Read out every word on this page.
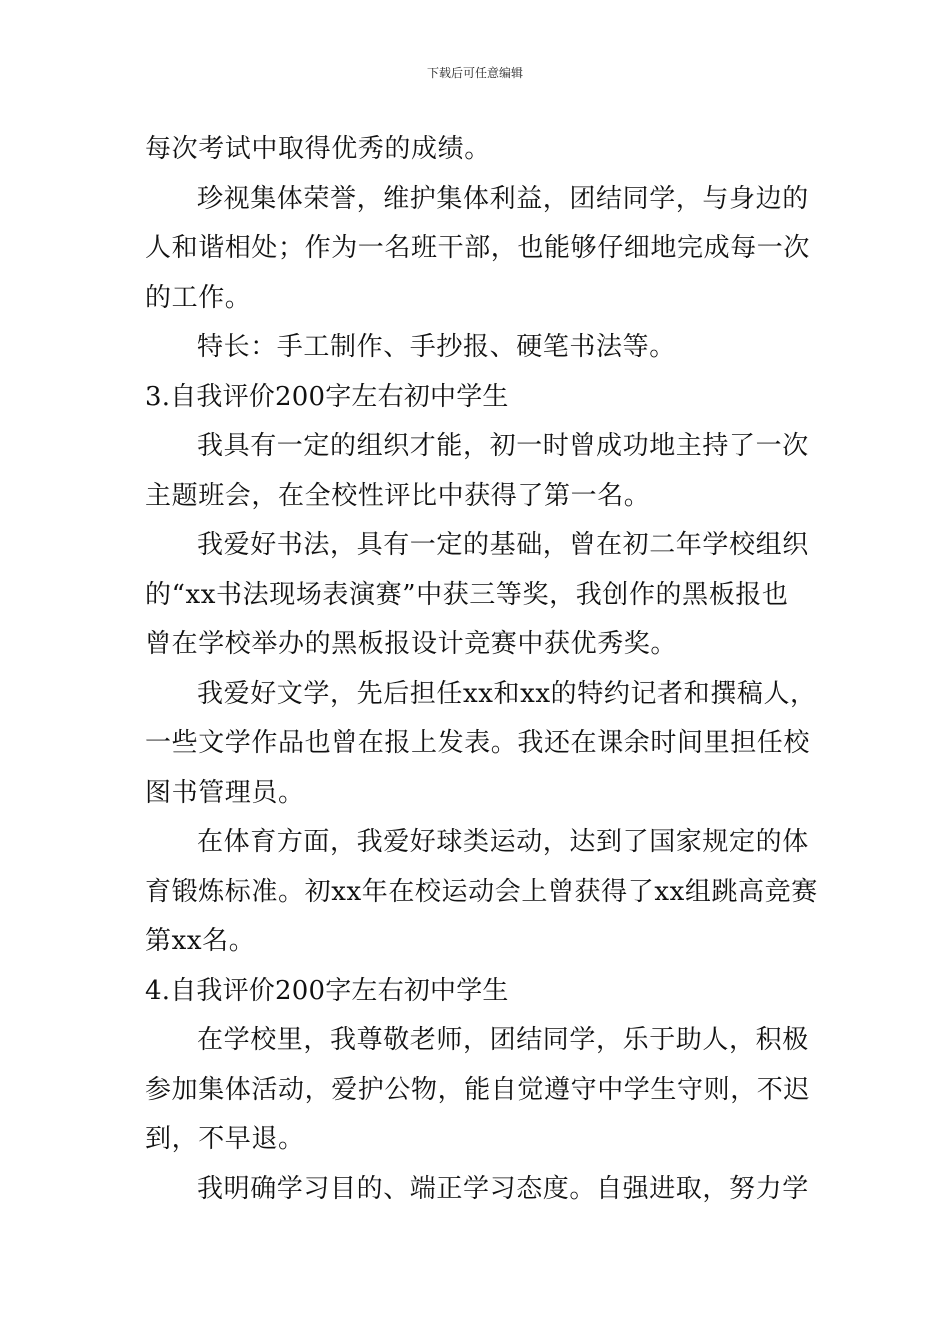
下载后可任意编辑
每次考试中取得优秀的成绩。
珍视集体荣誉，维护集体利益，团结同学，与身边的
人和谐相处；作为一名班干部，也能够仔细地完成每一次
的工作。
特长：手工制作、手抄报、硬笔书法等。
3.自我评价200字左右初中学生
我具有一定的组织才能，初一时曾成功地主持了一次
主题班会，在全校性评比中获得了第一名。
我爱好书法，具有一定的基础，曾在初二年学校组织
的“xx书法现场表演赛”中获三等奖，我创作的黑板报也
曾在学校举办的黑板报设计竞赛中获优秀奖。
我爱好文学，先后担任xx和xx的特约记者和撰稿人，
一些文学作品也曾在报上发表。我还在课余时间里担任校
图书管理员。
在体育方面，我爱好球类运动，达到了国家规定的体
育锻炼标准。初xx年在校运动会上曾获得了xx组跳高竞赛
第xx名。
4.自我评价200字左右初中学生
在学校里，我尊敬老师，团结同学，乐于助人，积极
参加集体活动，爱护公物，能自觉遵守中学生守则，不迟
到，不早退。
我明确学习目的、端正学习态度。自强进取，努力学
